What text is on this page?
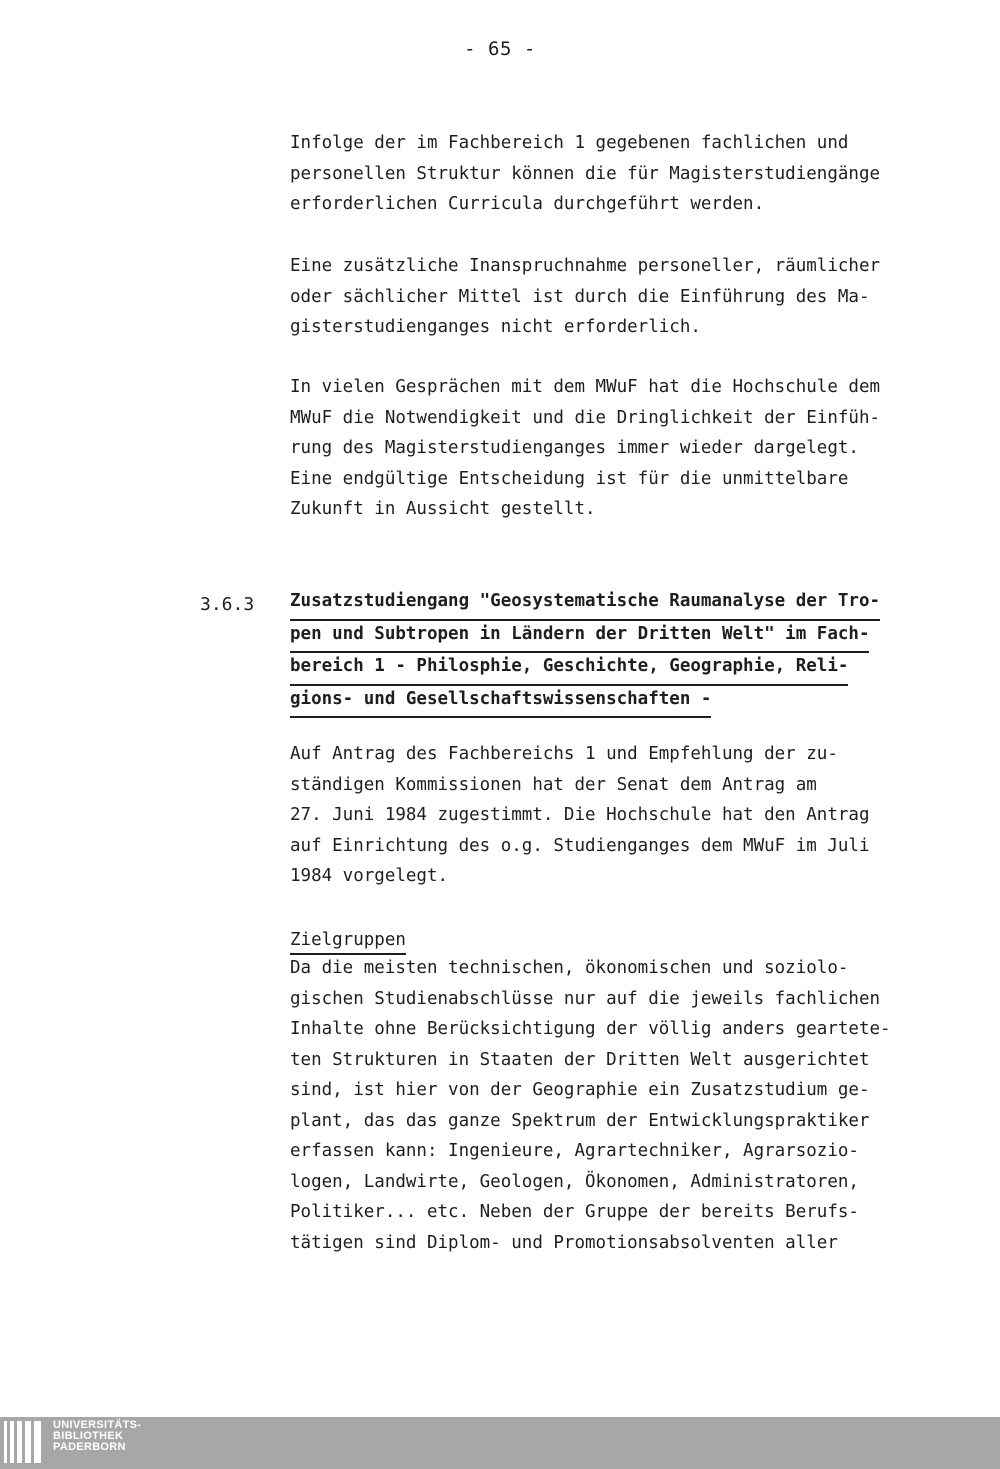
- 65 -
Infolge der im Fachbereich 1 gegebenen fachlichen und
personellen Struktur können die für Magisterstudiengänge
erforderlichen Curricula durchgeführt werden.
Eine zusätzliche Inanspruchnahme personeller, räumlicher
oder sächlicher Mittel ist durch die Einführung des Ma-
gisterstudienganges nicht erforderlich.
In vielen Gesprächen mit dem MWuF hat die Hochschule dem
MWuF die Notwendigkeit und die Dringlichkeit der Einfüh-
rung des Magisterstudienganges immer wieder dargelegt.
Eine endgültige Entscheidung ist für die unmittelbare
Zukunft in Aussicht gestellt.
3.6.3 Zusatzstudiengang "Geosystematische Raumanalyse der Tro-
pen und Subtropen in Ländern der Dritten Welt" im Fach-
bereich 1 - Philosphie, Geschichte, Geographie, Reli-
gions- und Gesellschaftswissenschaften -
Auf Antrag des Fachbereichs 1 und Empfehlung der zu-
ständigen Kommissionen hat der Senat dem Antrag am
27. Juni 1984 zugestimmt. Die Hochschule hat den Antrag
auf Einrichtung des o.g. Studienganges dem MWuF im Juli
1984 vorgelegt.
Zielgruppen
Da die meisten technischen, ökonomischen und soziolo-
gischen Studienabschlüsse nur auf die jeweils fachlichen
Inhalte ohne Berücksichtigung der völlig anders geartete-
ten Strukturen in Staaten der Dritten Welt ausgerichtet
sind, ist hier von der Geographie ein Zusatzstudium ge-
plant, das das ganze Spektrum der Entwicklungspraktiker
erfassen kann: Ingenieure, Agrartechniker, Agrarsozio-
logen, Landwirte, Geologen, Ökonomen, Administratoren,
Politiker... etc. Neben der Gruppe der bereits Berufs-
tätigen sind Diplom- und Promotionsabsolventen aller
UNIVERSITÄTS-
BIBLIOTHEK
PADERBORN
